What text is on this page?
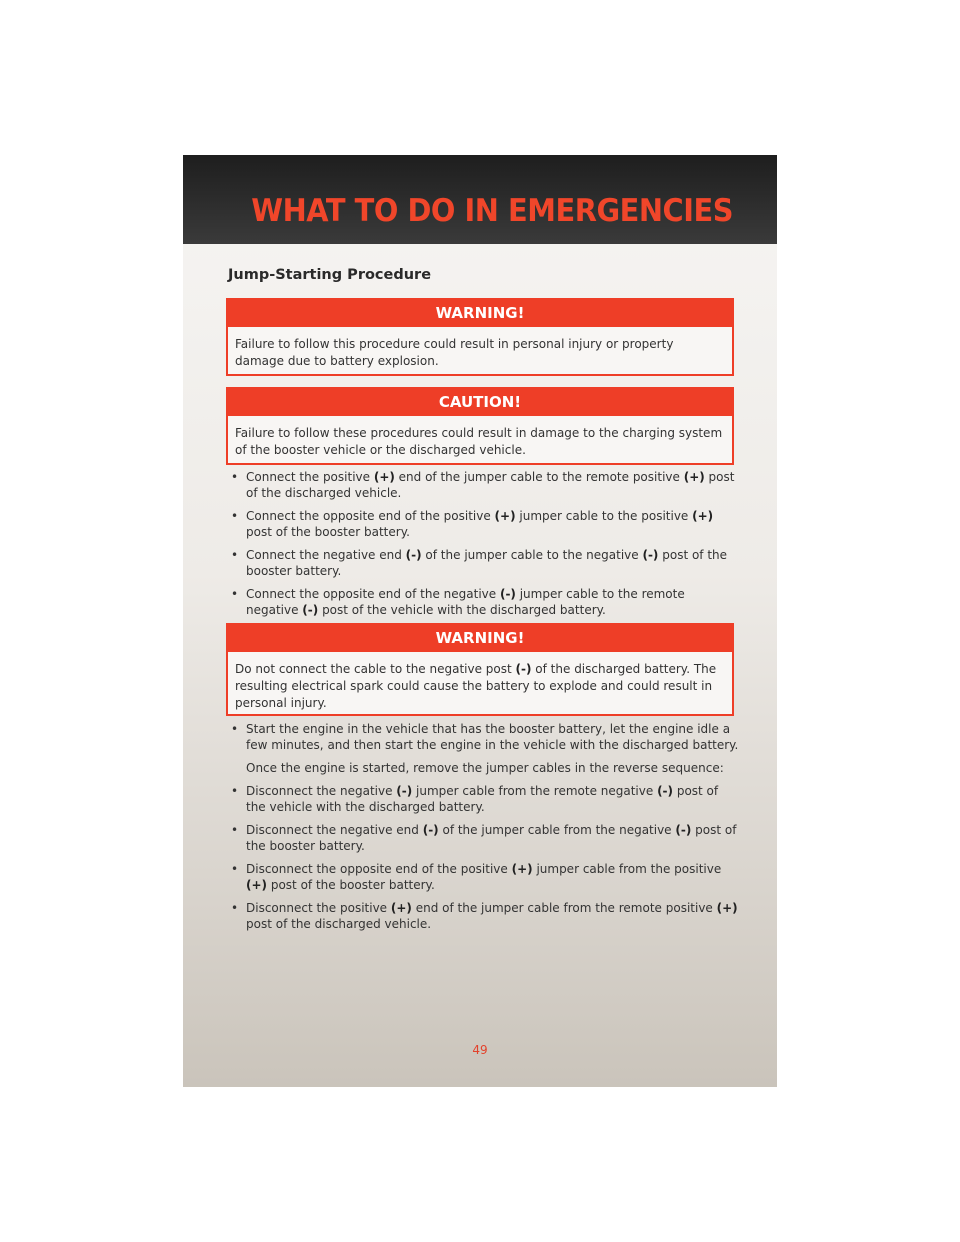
WHAT TO DO IN EMERGENCIES
Jump-Starting Procedure
WARNING!
Failure to follow this procedure could result in personal injury or property damage due to battery explosion.
CAUTION!
Failure to follow these procedures could result in damage to the charging system of the booster vehicle or the discharged vehicle.
• Connect the positive (+) end of the jumper cable to the remote positive (+) post of the discharged vehicle.
• Connect the opposite end of the positive (+) jumper cable to the positive (+) post of the booster battery.
• Connect the negative end (-) of the jumper cable to the negative (-) post of the booster battery.
• Connect the opposite end of the negative (-) jumper cable to the remote negative (-) post of the vehicle with the discharged battery.
WARNING!
Do not connect the cable to the negative post (-) of the discharged battery. The resulting electrical spark could cause the battery to explode and could result in personal injury.
• Start the engine in the vehicle that has the booster battery, let the engine idle a few minutes, and then start the engine in the vehicle with the discharged battery.
Once the engine is started, remove the jumper cables in the reverse sequence:
• Disconnect the negative (-) jumper cable from the remote negative (-) post of the vehicle with the discharged battery.
• Disconnect the negative end (-) of the jumper cable from the negative (-) post of the booster battery.
• Disconnect the opposite end of the positive (+) jumper cable from the positive (+) post of the booster battery.
• Disconnect the positive (+) end of the jumper cable from the remote positive (+) post of the discharged vehicle.
49
